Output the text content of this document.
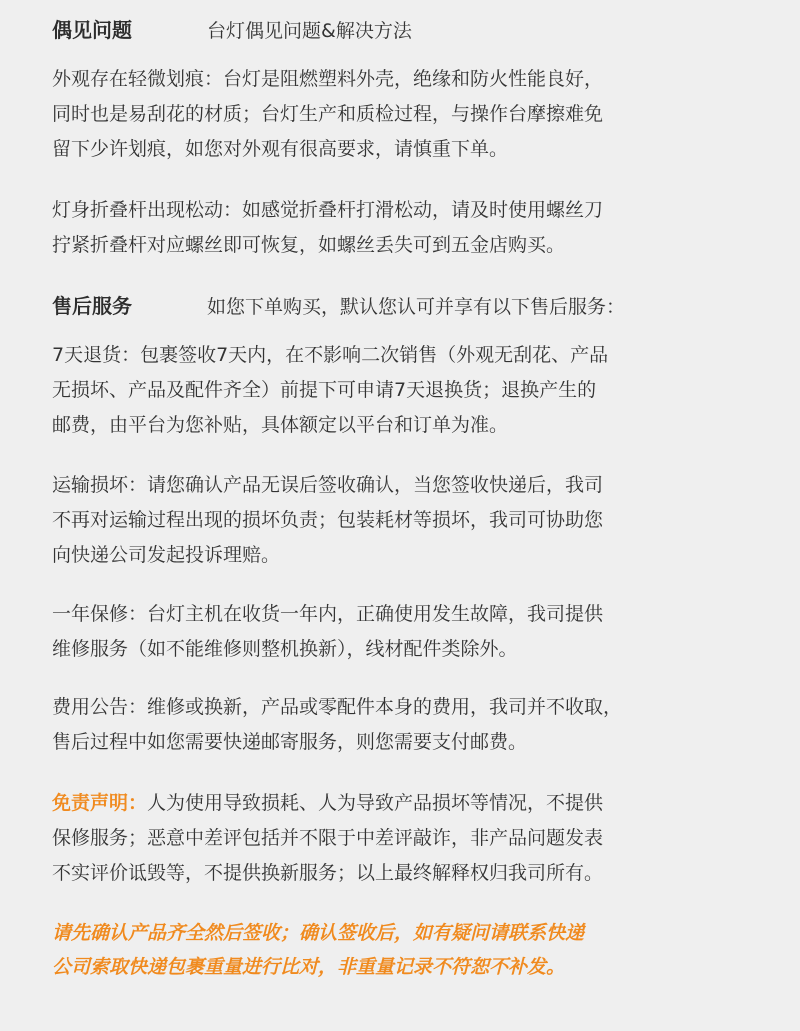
偶见问题	台灯偶见问题&解决方法

外观存在轻微划痕：台灯是阻燃塑料外壳，绝缘和防火性能良好，
同时也是易刮花的材质；台灯生产和质检过程，与操作台摩擦难免
留下少许划痕，如您对外观有很高要求，请慎重下单。

灯身折叠杆出现松动：如感觉折叠杆打滑松动，请及时使用螺丝刀
拧紧折叠杆对应螺丝即可恢复，如螺丝丢失可到五金店购买。

售后服务	如您下单购买，默认您认可并享有以下售后服务：

7天退货：包裹签收7天内，在不影响二次销售（外观无刮花、产品
无损坏、产品及配件齐全）前提下可申请7天退换货；退换产生的
邮费，由平台为您补贴，具体额定以平台和订单为准。

运输损坏：请您确认产品无误后签收确认，当您签收快递后，我司
不再对运输过程出现的损坏负责；包装耗材等损坏，我司可协助您
向快递公司发起投诉理赔。

一年保修：台灯主机在收货一年内，正确使用发生故障，我司提供
维修服务（如不能维修则整机换新），线材配件类除外。

费用公告：维修或换新，产品或零配件本身的费用，我司并不收取，
售后过程中如您需要快递邮寄服务，则您需要支付邮费。

免责声明：人为使用导致损耗、人为导致产品损坏等情况，不提供
保修服务；恶意中差评包括并不限于中差评敲诈，非产品问题发表
不实评价诋毁等，不提供换新服务；以上最终解释权归我司所有。

请先确认产品齐全然后签收；确认签收后，如有疑问请联系快递
公司索取快递包裹重量进行比对，非重量记录不符恕不补发。
